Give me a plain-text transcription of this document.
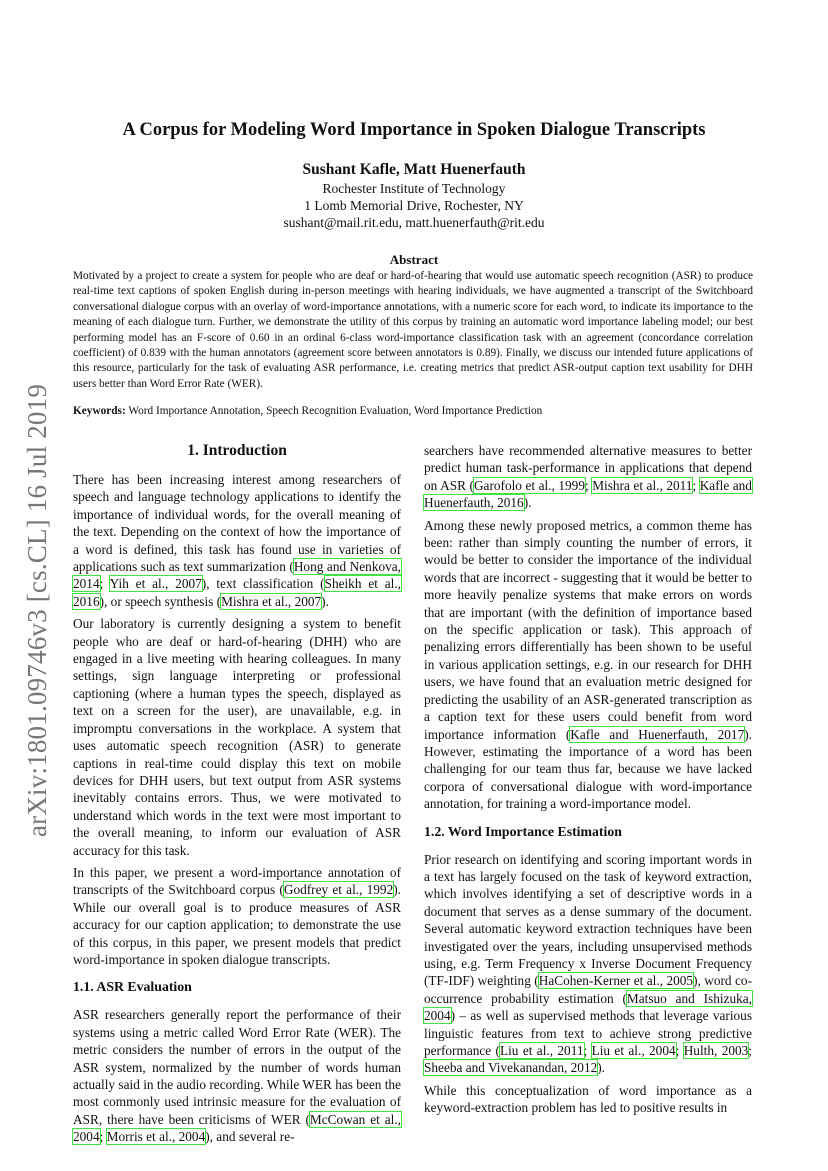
arXiv:1801.09746v3 [cs.CL] 16 Jul 2019
A Corpus for Modeling Word Importance in Spoken Dialogue Transcripts
Sushant Kafle, Matt Huenerfauth
Rochester Institute of Technology
1 Lomb Memorial Drive, Rochester, NY
sushant@mail.rit.edu, matt.huenerfauth@rit.edu
Abstract

Motivated by a project to create a system for people who are deaf or hard-of-hearing that would use automatic speech recognition (ASR) to produce real-time text captions of spoken English during in-person meetings with hearing individuals, we have augmented a transcript of the Switchboard conversational dialogue corpus with an overlay of word-importance annotations, with a numeric score for each word, to indicate its importance to the meaning of each dialogue turn. Further, we demonstrate the utility of this corpus by training an automatic word importance labeling model; our best performing model has an F-score of 0.60 in an ordinal 6-class word-importance classification task with an agreement (concordance correlation coefficient) of 0.839 with the human annotators (agreement score between annotators is 0.89). Finally, we discuss our intended future applications of this resource, particularly for the task of evaluating ASR performance, i.e. creating metrics that predict ASR-output caption text usability for DHH users better than Word Error Rate (WER).

Keywords: Word Importance Annotation, Speech Recognition Evaluation, Word Importance Prediction

1. Introduction

There has been increasing interest among researchers of speech and language technology applications to identify the importance of individual words, for the overall meaning of the text. Depending on the context of how the importance of a word is defined, this task has found use in varieties of applications such as text summarization (Hong and Nenkova, 2014; Yih et al., 2007), text classification (Sheikh et al., 2016), or speech synthesis (Mishra et al., 2007).

Our laboratory is currently designing a system to benefit people who are deaf or hard-of-hearing (DHH) who are engaged in a live meeting with hearing colleagues. In many settings, sign language interpreting or professional captioning (where a human types the speech, displayed as text on a screen for the user), are unavailable, e.g. in impromptu conversations in the workplace. A system that uses automatic speech recognition (ASR) to generate captions in real-time could display this text on mobile devices for DHH users, but text output from ASR systems inevitably contains errors. Thus, we were motivated to understand which words in the text were most important to the overall meaning, to inform our evaluation of ASR accuracy for this task.

In this paper, we present a word-importance annotation of transcripts of the Switchboard corpus (Godfrey et al., 1992). While our overall goal is to produce measures of ASR accuracy for our caption application; to demonstrate the use of this corpus, in this paper, we present models that predict word-importance in spoken dialogue transcripts.

1.1. ASR Evaluation

ASR researchers generally report the performance of their systems using a metric called Word Error Rate (WER). The metric considers the number of errors in the output of the ASR system, normalized by the number of words human actually said in the audio recording. While WER has been the most commonly used intrinsic measure for the evaluation of ASR, there have been criticisms of WER (McCowan et al., 2004; Morris et al., 2004), and several re-

searchers have recommended alternative measures to better predict human task-performance in applications that depend on ASR (Garofolo et al., 1999; Mishra et al., 2011; Kafle and Huenerfauth, 2016).

Among these newly proposed metrics, a common theme has been: rather than simply counting the number of errors, it would be better to consider the importance of the individual words that are incorrect - suggesting that it would be better to more heavily penalize systems that make errors on words that are important (with the definition of importance based on the specific application or task). This approach of penalizing errors differentially has been shown to be useful in various application settings, e.g. in our research for DHH users, we have found that an evaluation metric designed for predicting the usability of an ASR-generated transcription as a caption text for these users could benefit from word importance information (Kafle and Huenerfauth, 2017). However, estimating the importance of a word has been challenging for our team thus far, because we have lacked corpora of conversational dialogue with word-importance annotation, for training a word-importance model.

1.2. Word Importance Estimation

Prior research on identifying and scoring important words in a text has largely focused on the task of keyword extraction, which involves identifying a set of descriptive words in a document that serves as a dense summary of the document. Several automatic keyword extraction techniques have been investigated over the years, including unsupervised methods using, e.g. Term Frequency x Inverse Document Frequency (TF-IDF) weighting (HaCohen-Kerner et al., 2005), word co-occurrence probability estimation (Matsuo and Ishizuka, 2004) – as well as supervised methods that leverage various linguistic features from text to achieve strong predictive performance (Liu et al., 2011; Liu et al., 2004; Hulth, 2003; Sheeba and Vivekanandan, 2012).

While this conceptualization of word importance as a keyword-extraction problem has led to positive results in
